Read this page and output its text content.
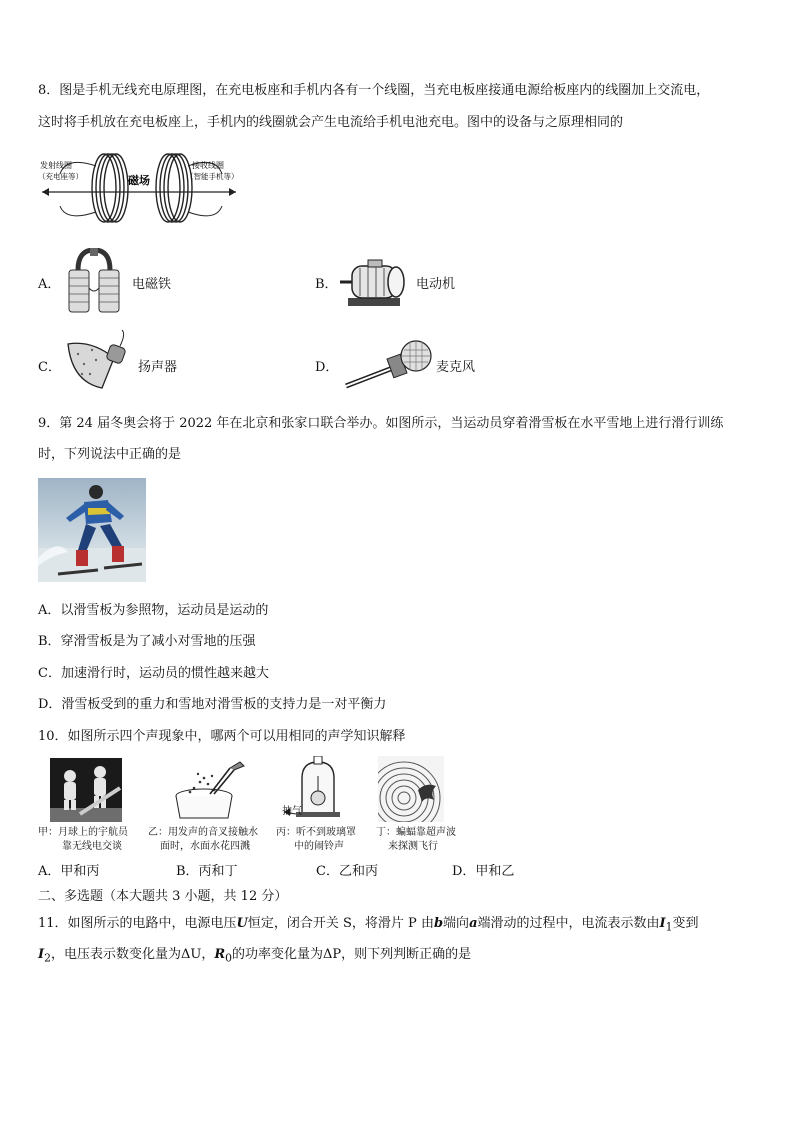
8．图是手机无线充电原理图，在充电板座和手机内各有一个线圈，当充电板座接通电源给板座内的线圈加上交流电，
这时将手机放在充电板座上，手机内的线圈就会产生电流给手机电池充电。图中的设备与之原理相同的
发射线圈
（充电座等）	磁场
接收线圈
（智能手机等）
A．	电磁铁	B．	电动机
C．	扬声器	D．	麦克风
9．第 24 届冬奥会将于 2022 年在北京和张家口联合举办。如图所示，当运动员穿着滑雪板在水平雪地上进行滑行训练
时，下列说法中正确的是
A．以滑雪板为参照物，运动员是运动的
B．穿滑雪板是为了减小对雪地的压强
C．加速滑行时，运动员的惯性越来越大
D．滑雪板受到的重力和雪地对滑雪板的支持力是一对平衡力
10．如图所示四个声现象中，哪两个可以用相同的声学知识解释
甲：月球上的宇航员
靠无线电交谈
乙：用发声的音叉接触水
面时，水面水花四溅
抽气
丙：听不到玻璃罩
中的闹铃声
丁：蝙蝠靠超声波
来探测飞行
A．甲和丙	B．丙和丁	C．乙和丙	D．甲和乙
二、多选题（本大题共 3 小题，共 12 分）
11．如图所示的电路中，电源电压U恒定，闭合开关 S，将滑片 P 由b端向a端滑动的过程中，电流表示数由$I_1$变到
$I_2$，电压表示数变化量为ΔU，$R_0$的功率变化量为ΔP，则下列判断正确的是
